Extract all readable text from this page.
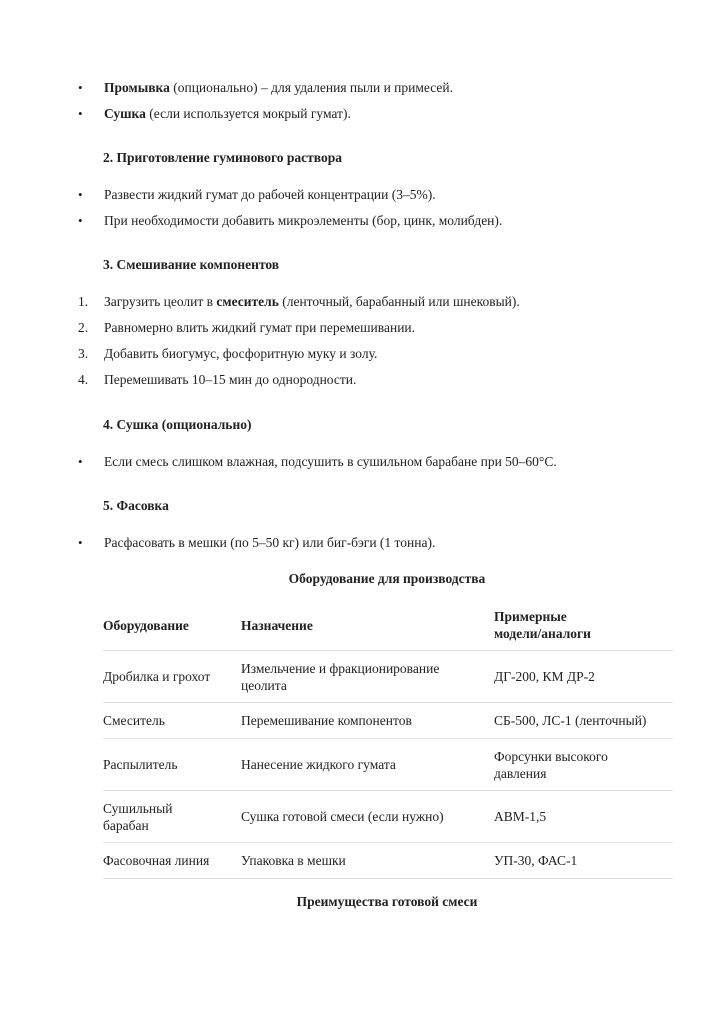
•
Промывка (опционально) – для удаления пыли и примесей.
•
Сушка (если используется мокрый гумат).
2. Приготовление гуминового раствора
•
Развести жидкий гумат до рабочей концентрации (3–5%).
•
При необходимости добавить микроэлементы (бор, цинк, молибден).
3. Смешивание компонентов
1.	Загрузить цеолит в смеситель (ленточный, барабанный или шнековый).
2.	Равномерно влить жидкий гумат при перемешивании.
3.	Добавить биогумус, фосфоритную муку и золу.
4.	Перемешивать 10–15 мин до однородности.
4. Сушка (опционально)
•
Если смесь слишком влажная, подсушить в сушильном барабане при 50–60°C.
5. Фасовка
•
Расфасовать в мешки (по 5–50 кг) или биг-бэги (1 тонна).
Оборудование для производства
Оборудование	Назначение	Примерные
модели/аналоги
Дробилка и грохот	Измельчение и фракционирование
цеолита	ДГ-200, КМ ДР-2
Смеситель	Перемешивание компонентов	СБ-500, ЛС-1 (ленточный)
Распылитель	Нанесение жидкого гумата	Форсунки высокого
давления
Сушильный
барабан	Сушка готовой смеси (если нужно)	АВМ-1,5
Фасовочная линия	Упаковка в мешки	УП-30, ФАС-1
Преимущества готовой смеси
